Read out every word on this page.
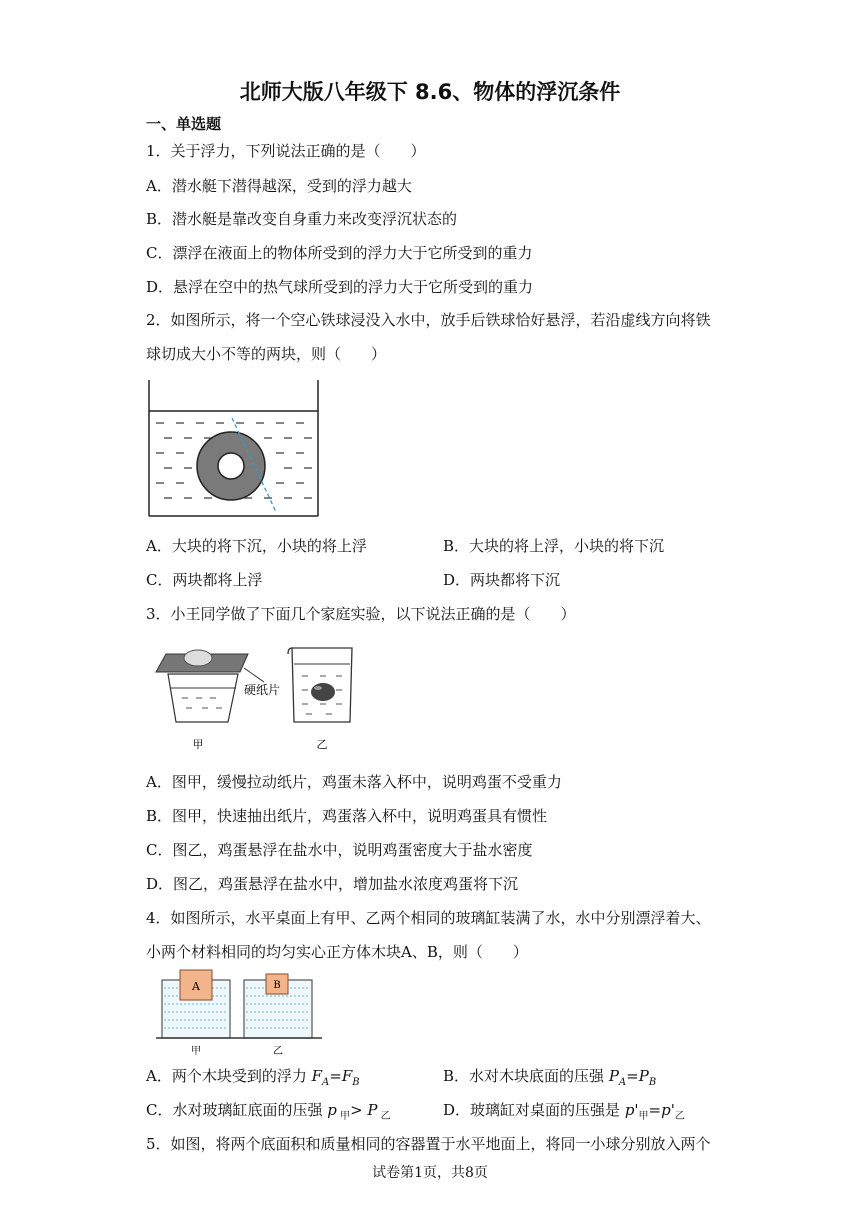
北师大版八年级下 8.6、物体的浮沉条件
一、单选题
1．关于浮力，下列说法正确的是（　　）
A．潜水艇下潜得越深，受到的浮力越大
B．潜水艇是靠改变自身重力来改变浮沉状态的
C．漂浮在液面上的物体所受到的浮力大于它所受到的重力
D．悬浮在空中的热气球所受到的浮力大于它所受到的重力
2．如图所示，将一个空心铁球浸没入水中，放手后铁球恰好悬浮，若沿虚线方向将铁
球切成大小不等的两块，则（　　）
A．大块的将下沉，小块的将上浮	B．大块的将上浮，小块的将下沉
C．两块都将上浮	D．两块都将下沉
3．小王同学做了下面几个家庭实验，以下说法正确的是（　　）
硬纸片
甲	乙
A．图甲，缓慢拉动纸片，鸡蛋未落入杯中，说明鸡蛋不受重力
B．图甲，快速抽出纸片，鸡蛋落入杯中，说明鸡蛋具有惯性
C．图乙，鸡蛋悬浮在盐水中，说明鸡蛋密度大于盐水密度
D．图乙，鸡蛋悬浮在盐水中，增加盐水浓度鸡蛋将下沉
4．如图所示，水平桌面上有甲、乙两个相同的玻璃缸装满了水，水中分别漂浮着大、
小两个材料相同的均匀实心正方体木块A、B，则（　　）
A	B
甲	乙
A．两个木块受到的浮力 $F_A=F_B$	B．水对木块底面的压强 $P_A=P_B$
C．水对玻璃缸底面的压强 p $_甲$> P $_乙$	D．玻璃缸对桌面的压强是 $p'_甲=p'_乙$
5．如图，将两个底面积和质量相同的容器置于水平地面上，将同一小球分别放入两个
试卷第1页，共8页
